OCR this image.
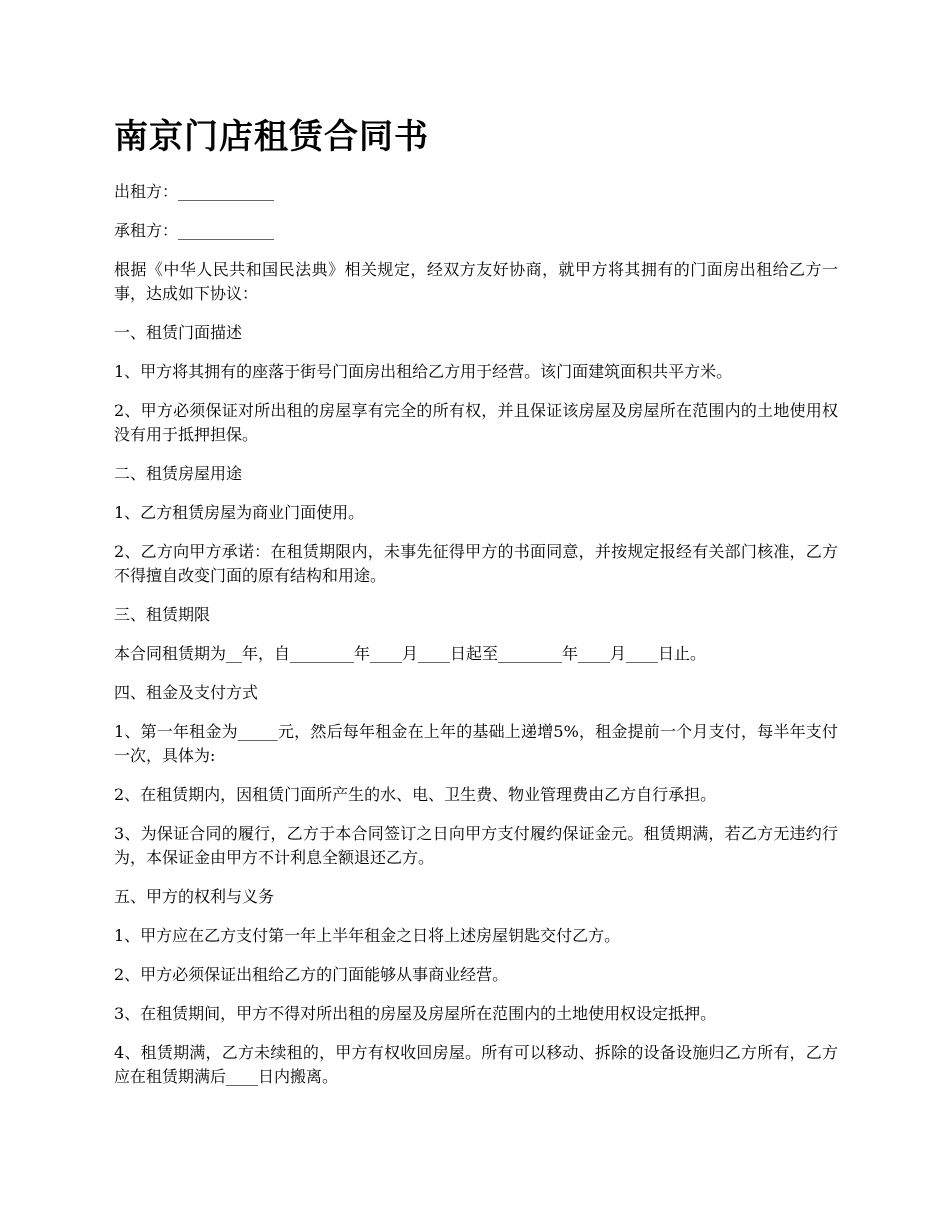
南京门店租赁合同书

出租方：____________

承租方：____________

根据《中华人民共和国民法典》相关规定，经双方友好协商，就甲方将其拥有的门面房出租给乙方一事，达成如下协议：

一、租赁门面描述

1、甲方将其拥有的座落于街号门面房出租给乙方用于经营。该门面建筑面积共平方米。

2、甲方必须保证对所出租的房屋享有完全的所有权，并且保证该房屋及房屋所在范围内的土地使用权没有用于抵押担保。

二、租赁房屋用途

1、乙方租赁房屋为商业门面使用。

2、乙方向甲方承诺：在租赁期限内，未事先征得甲方的书面同意，并按规定报经有关部门核准，乙方不得擅自改变门面的原有结构和用途。

三、租赁期限

本合同租赁期为__年，自________年____月____日起至________年____月____日止。

四、租金及支付方式

1、第一年租金为_____元，然后每年租金在上年的基础上递增5%，租金提前一个月支付，每半年支付一次，具体为:

2、在租赁期内，因租赁门面所产生的水、电、卫生费、物业管理费由乙方自行承担。

3、为保证合同的履行，乙方于本合同签订之日向甲方支付履约保证金元。租赁期满，若乙方无违约行为，本保证金由甲方不计利息全额退还乙方。

五、甲方的权利与义务

1、甲方应在乙方支付第一年上半年租金之日将上述房屋钥匙交付乙方。

2、甲方必须保证出租给乙方的门面能够从事商业经营。

3、在租赁期间，甲方不得对所出租的房屋及房屋所在范围内的土地使用权设定抵押。

4、租赁期满，乙方未续租的，甲方有权收回房屋。所有可以移动、拆除的设备设施归乙方所有，乙方应在租赁期满后____日内搬离。
